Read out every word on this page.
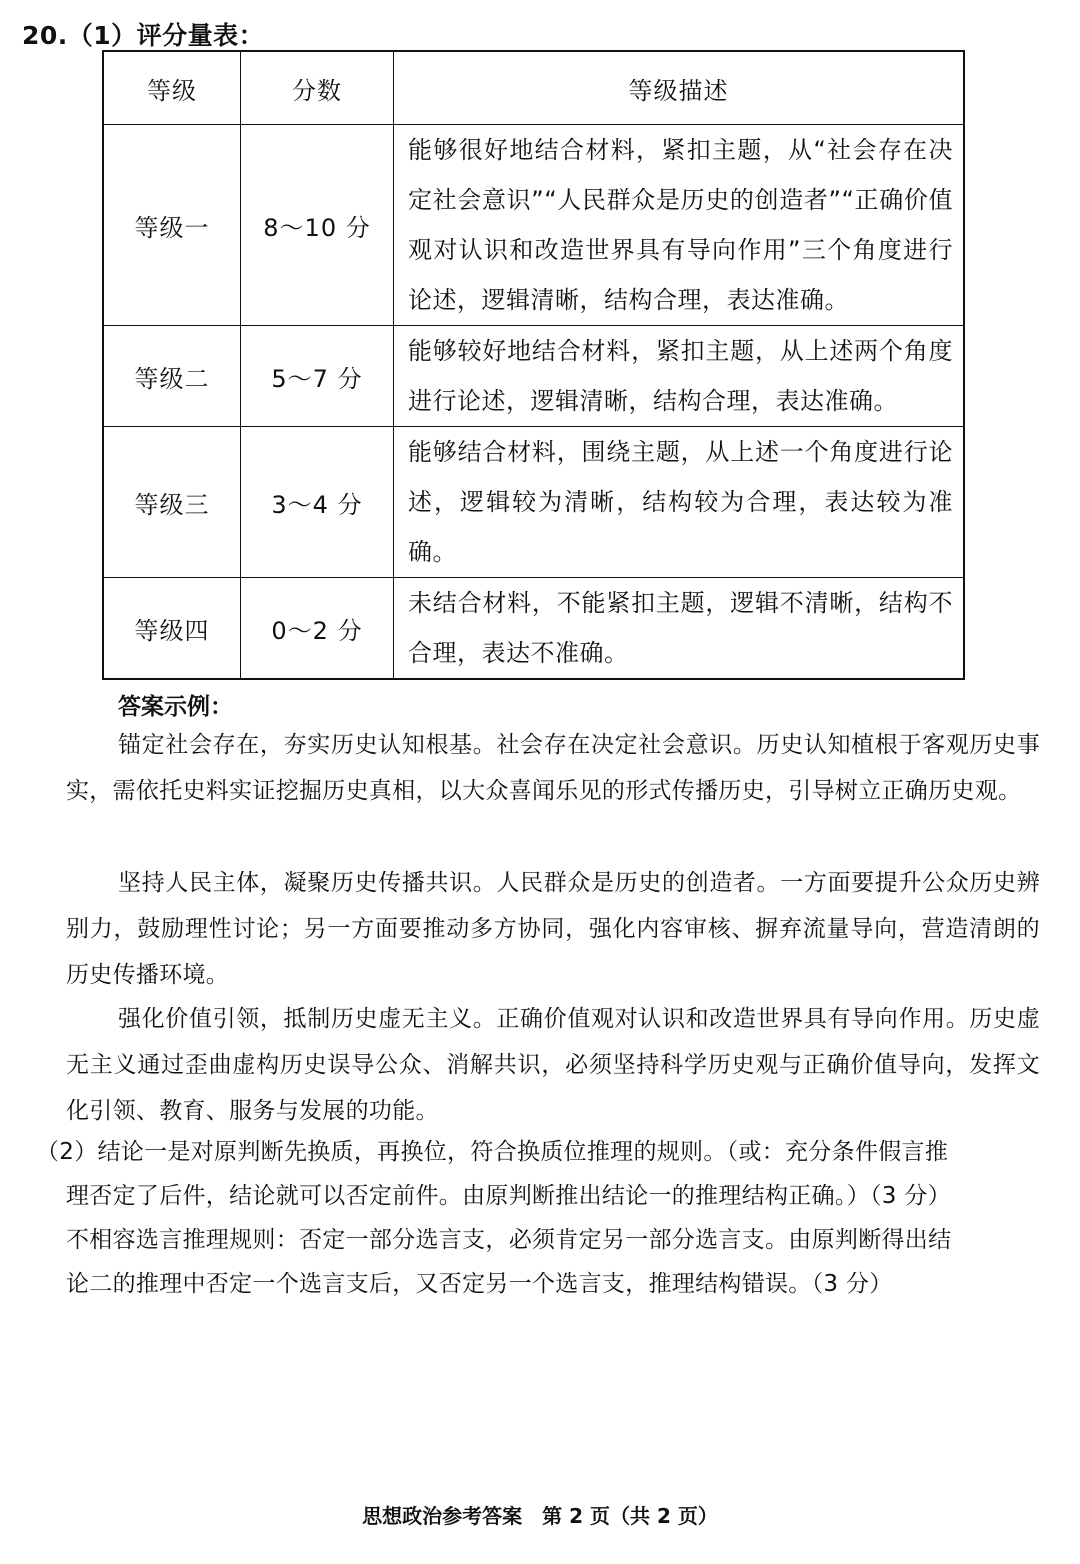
20.（1）评分量表：
等级	分数	等级描述
等级一	8～10 分	能够很好地结合材料，紧扣主题，从“社会存在决定社会意识”“人民群众是历史的创造者”“正确价值观对认识和改造世界具有导向作用”三个角度进行论述，逻辑清晰，结构合理，表达准确。
等级二	5～7 分	能够较好地结合材料，紧扣主题，从上述两个角度进行论述，逻辑清晰，结构合理，表达准确。
等级三	3～4 分	能够结合材料，围绕主题，从上述一个角度进行论述，逻辑较为清晰，结构较为合理，表达较为准确。
等级四	0～2 分	未结合材料，不能紧扣主题，逻辑不清晰，结构不合理，表达不准确。
答案示例：

锚定社会存在，夯实历史认知根基。社会存在决定社会意识。历史认知植根于客观历史事实，需依托史料实证挖掘历史真相，以大众喜闻乐见的形式传播历史，引导树立正确历史观。

坚持人民主体，凝聚历史传播共识。人民群众是历史的创造者。一方面要提升公众历史辨别力，鼓励理性讨论；另一方面要推动多方协同，强化内容审核、摒弃流量导向，营造清朗的历史传播环境。

强化价值引领，抵制历史虚无主义。正确价值观对认识和改造世界具有导向作用。历史虚无主义通过歪曲虚构历史误导公众、消解共识，必须坚持科学历史观与正确价值导向，发挥文化引领、教育、服务与发展的功能。

（2）结论一是对原判断先换质，再换位，符合换质位推理的规则。（或：充分条件假言推

理否定了后件，结论就可以否定前件。由原判断推出结论一的推理结构正确。）（3 分）

不相容选言推理规则：否定一部分选言支，必须肯定另一部分选言支。由原判断得出结

论二的推理中否定一个选言支后，又否定另一个选言支，推理结构错误。（3 分）

思想政治参考答案　第 2 页（共 2 页）
